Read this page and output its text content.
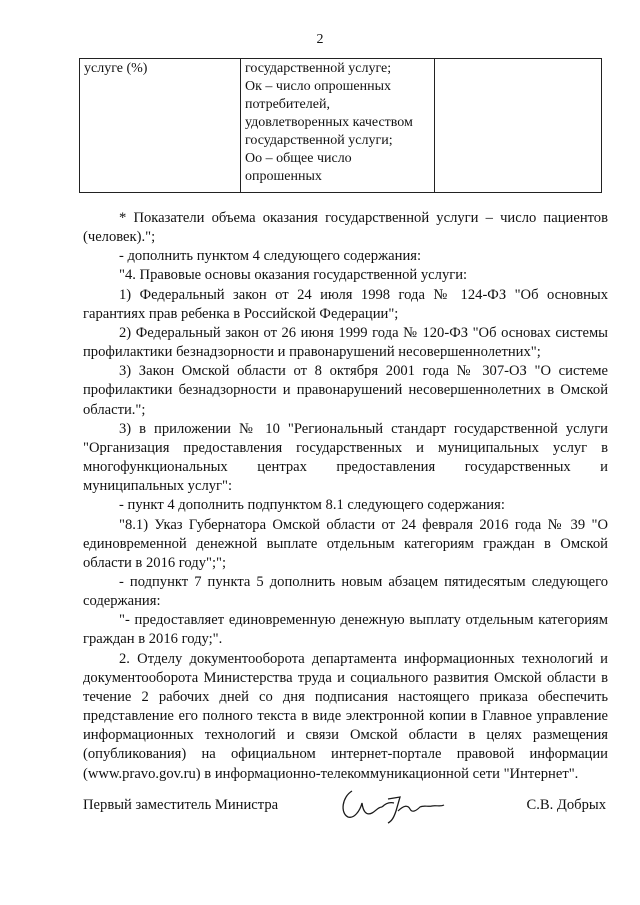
2
услуге (%)	государственной услуге;
Ок – число опрошенных
потребителей,
удовлетворенных качеством
государственной услуги;
Оо – общее число
опрошенных

* Показатели объема оказания государственной услуги – число пациентов (человек).";

- дополнить пунктом 4 следующего содержания:

"4. Правовые основы оказания государственной услуги:

1) Федеральный закон от 24 июля 1998 года № 124-ФЗ "Об основных гарантиях прав ребенка в Российской Федерации";

2) Федеральный закон от 26 июня 1999 года № 120-ФЗ "Об основах системы профилактики безнадзорности и правонарушений несовершеннолетних";

3) Закон Омской области от 8 октября 2001 года № 307-ОЗ "О системе профилактики безнадзорности и правонарушений несовершеннолетних в Омской области.";

3) в приложении № 10 "Региональный стандарт государственной услуги "Организация предоставления государственных и муниципальных услуг в многофункциональных центрах предоставления государственных и муниципальных услуг":

- пункт 4 дополнить подпунктом 8.1 следующего содержания:

"8.1) Указ Губернатора Омской области от 24 февраля 2016 года № 39 "О единовременной денежной выплате отдельным категориям граждан в Омской области в 2016 году";";

- подпункт 7 пункта 5 дополнить новым абзацем пятидесятым следующего содержания:

"- предоставляет единовременную денежную выплату отдельным категориям граждан в 2016 году;".

2. Отделу документооборота департамента информационных технологий и документооборота Министерства труда и социального развития Омской области в течение 2 рабочих дней со дня подписания настоящего приказа обеспечить представление его полного текста в виде электронной копии в Главное управление информационных технологий и связи Омской области в целях размещения (опубликования) на официальном интернет-портале правовой информации (www.pravo.gov.ru) в информационно-телекоммуникационной сети "Интернет".

Первый заместитель Министра	С.В. Добрых
